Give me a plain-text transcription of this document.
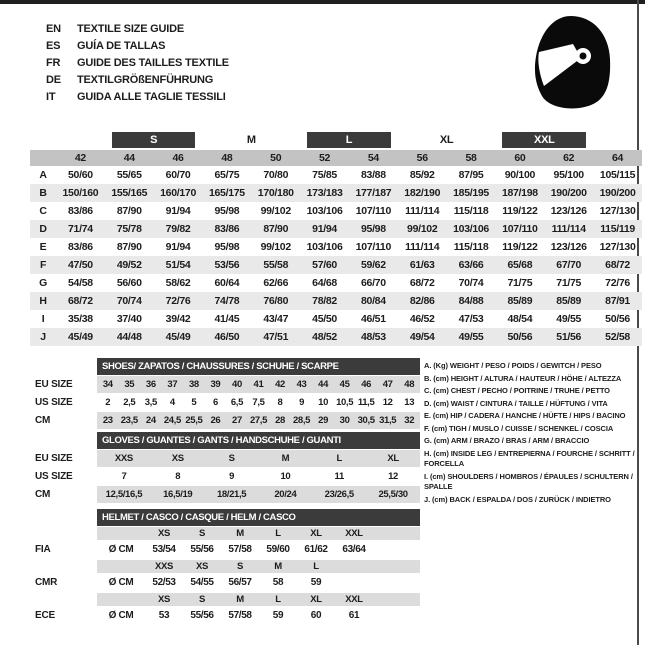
EN	TEXTILE SIZE GUIDE
ES	GUÍA DE TALLAS
FR	GUIDE DES TAILLES TEXTILE
DE	TEXTILGRÖßENFÜHRUNG
IT	GUIDA ALLE TAGLIE TESSILI

		S		M		L		XL		XXL		

	42	44	46	48	50	52	54	56	58	60	62	64
A	50/60	55/65	60/70	65/75	70/80	75/85	83/88	85/92	87/95	90/100	95/100	105/115
B	150/160	155/165	160/170	165/175	170/180	173/183	177/187	182/190	185/195	187/198	190/200	190/200
C	83/86	87/90	91/94	95/98	99/102	103/106	107/110	111/114	115/118	119/122	123/126	127/130
D	71/74	75/78	79/82	83/86	87/90	91/94	95/98	99/102	103/106	107/110	111/114	115/119
E	83/86	87/90	91/94	95/98	99/102	103/106	107/110	111/114	115/118	119/122	123/126	127/130
F	47/50	49/52	51/54	53/56	55/58	57/60	59/62	61/63	63/66	65/68	67/70	68/72
G	54/58	56/60	58/62	60/64	62/66	64/68	66/70	68/72	70/74	71/75	71/75	72/76
H	68/72	70/74	72/76	74/78	76/80	78/82	80/84	82/86	84/88	85/89	85/89	87/91
I	35/38	37/40	39/42	41/45	43/47	45/50	46/51	46/52	47/53	48/54	49/55	50/56
J	45/49	44/48	45/49	46/50	47/51	48/52	48/53	49/54	49/55	50/56	51/56	52/58
	SHOES/ ZAPATOS / CHAUSSURES / SCHUHE / SCARPE														
EU SIZE	34	35	36	37	38	39	40	41	42	43	44	45	46	47	48
US SIZE	2	2,5	3,5	4	5	6	6,5	7,5	8	9	10	10,5	11,5	12	13
CM	23	23,5	24	24,5	25,5	26	27	27,5	28	28,5	29	30	30,5	31,5	32
	GLOVES / GUANTES / GANTS / HANDSCHUHE / GUANTI					
EU SIZE	XXS	XS	S	M	L	XL
US SIZE	7	8	9	10	11	12
CM	12,5/16,5	16,5/19	18/21,5	20/24	23/26,5	25,5/30
	HELMET / CASCO / CASQUE / HELM / CASCO							
		XS	S	M	L	XL	XXL	
FIA	Ø CM	53/54	55/56	57/58	59/60	61/62	63/64	
		XXS	XS	S	M	L		
CMR	Ø CM	52/53	54/55	56/57	58	59		
		XS	S	M	L	XL	XXL	
ECE	Ø CM	53	55/56	57/58	59	60	61	
A. (Kg) WEIGHT / PESO / POIDS / GEWITCH / PESO
B. (cm) HEIGHT / ALTURA / HAUTEUR / HÖHE / ALTEZZA
C. (cm) CHEST / PECHO / POITRINE / TRUHE / PETTO
D. (cm) WAIST / CINTURA / TAILLE / HÜFTUNG / VITA
E. (cm) HIP / CADERA / HANCHE / HÜFTE / HIPS / BACINO
F. (cm) TIGH / MUSLO / CUISSE / SCHENKEL / COSCIA
G. (cm) ARM / BRAZO / BRAS / ARM / BRACCIO
H. (cm) INSIDE LEG / ENTREPIERNA / FOURCHE / SCHRITT / FORCELLA
I. (cm) SHOULDERS / HOMBROS / ÉPAULES / SCHULTERN / SPALLE
J. (cm) BACK / ESPALDA / DOS / ZURÜCK / INDIETRO
